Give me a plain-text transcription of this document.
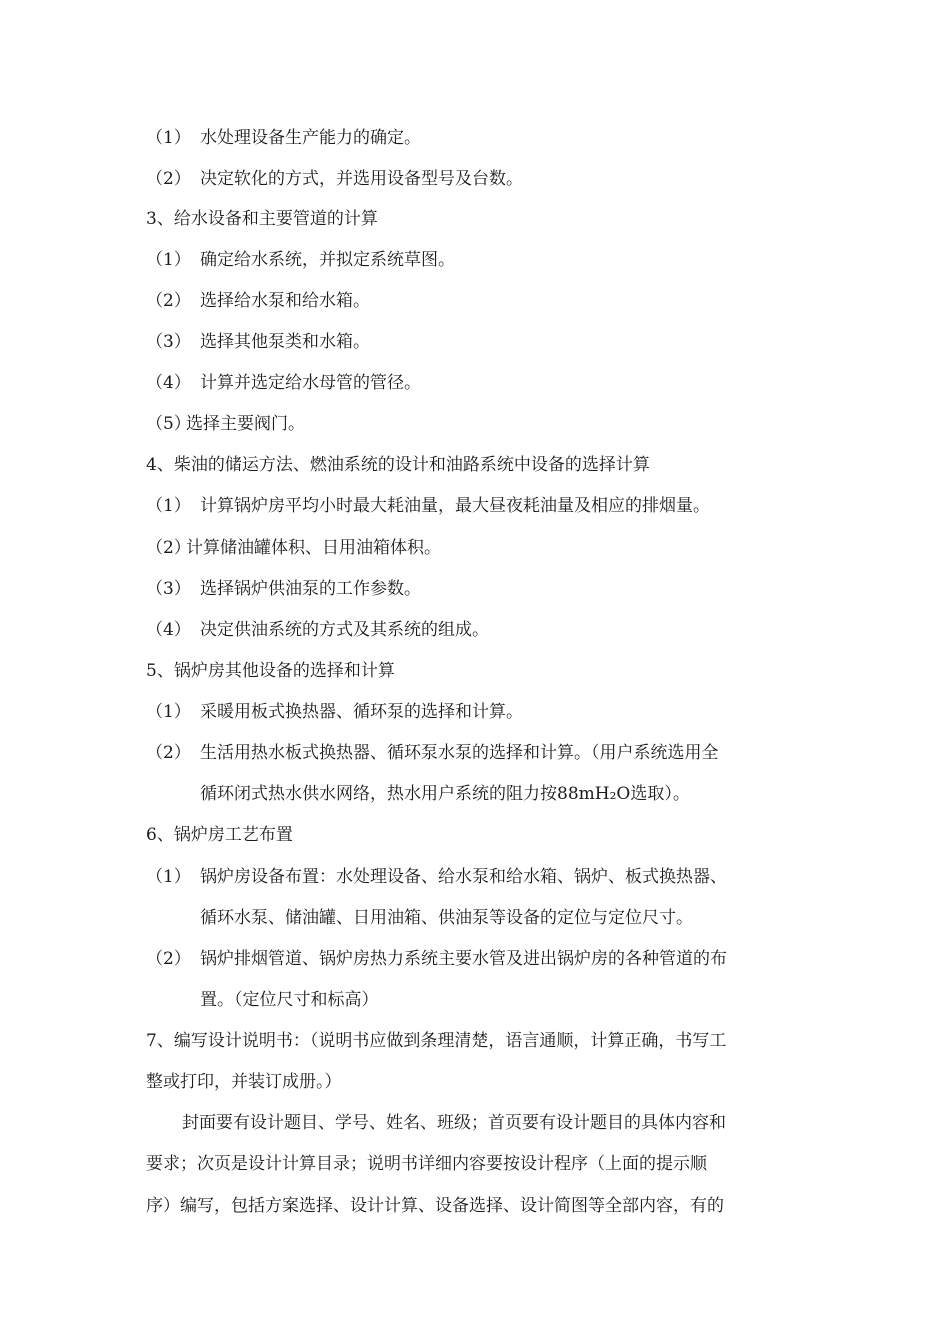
（1） 水处理设备生产能力的确定。
（2） 决定软化的方式，并选用设备型号及台数。
3、给水设备和主要管道的计算
（1） 确定给水系统，并拟定系统草图。
（2） 选择给水泵和给水箱。
（3） 选择其他泵类和水箱。
（4） 计算并选定给水母管的管径。
（5）选择主要阀门。
4、柴油的储运方法、燃油系统的设计和油路系统中设备的选择计算
（1） 计算锅炉房平均小时最大耗油量，最大昼夜耗油量及相应的排烟量。
（2）计算储油罐体积、日用油箱体积。
（3） 选择锅炉供油泵的工作参数。
（4） 决定供油系统的方式及其系统的组成。
5、锅炉房其他设备的选择和计算
（1） 采暖用板式换热器、循环泵的选择和计算。
（2） 生活用热水板式换热器、循环泵水泵的选择和计算。（用户系统选用全
循环闭式热水供水网络，热水用户系统的阻力按88mH₂O选取）。
6、锅炉房工艺布置
（1） 锅炉房设备布置：水处理设备、给水泵和给水箱、锅炉、板式换热器、
循环水泵、储油罐、日用油箱、供油泵等设备的定位与定位尺寸。
（2） 锅炉排烟管道、锅炉房热力系统主要水管及进出锅炉房的各种管道的布
置。（定位尺寸和标高）
7、编写设计说明书：（说明书应做到条理清楚，语言通顺，计算正确，书写工
整或打印，并装订成册。）
封面要有设计题目、学号、姓名、班级；首页要有设计题目的具体内容和
要求；次页是设计计算目录；说明书详细内容要按设计程序（上面的提示顺
序）编写，包括方案选择、设计计算、设备选择、设计简图等全部内容，有的
